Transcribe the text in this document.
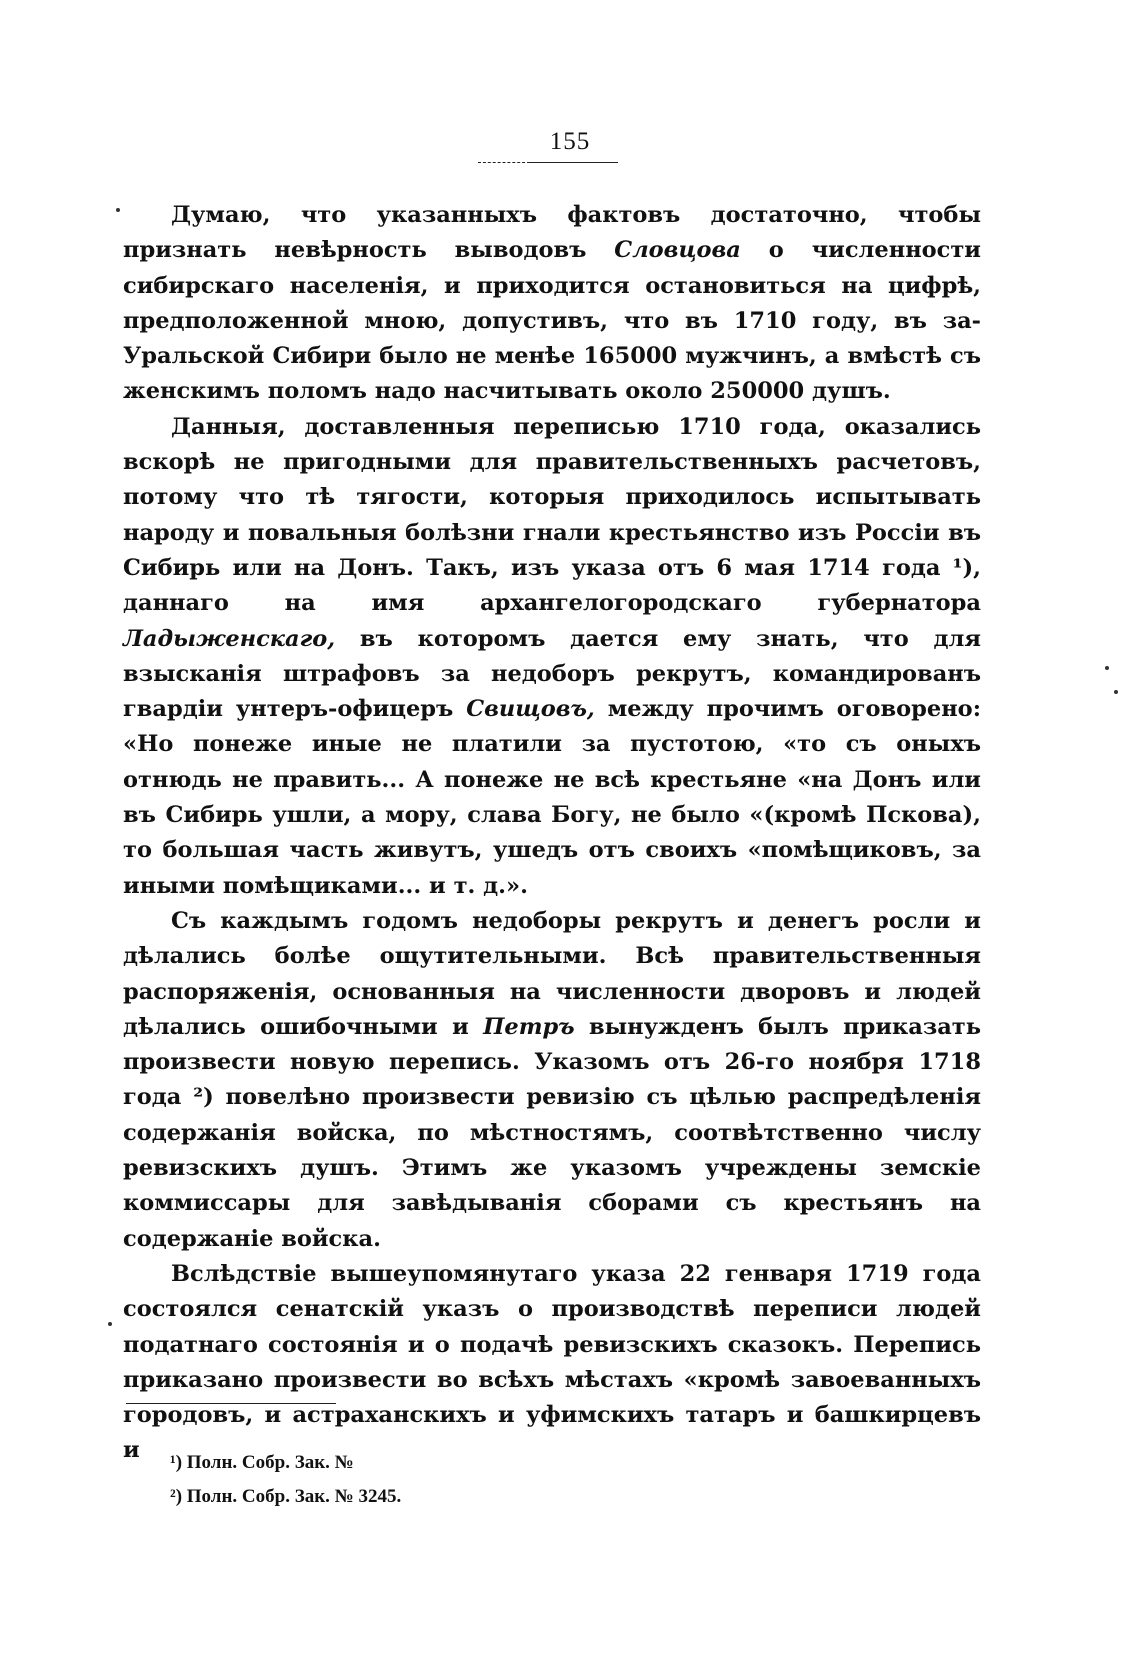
155

Думаю, что указанныхъ фактовъ достаточно, чтобы признать невѣрность выводовъ Словцова о численности сибирскаго населенія, и приходится остановиться на цифрѣ, предположенной мною, допустивъ, что въ 1710 году, въ за-Уральской Сибири было не менѣе 165000 мужчинъ, а вмѣстѣ съ женскимъ поломъ надо насчитывать около 250000 душъ.

Данныя, доставленныя переписью 1710 года, оказались вскорѣ не пригодными для правительственныхъ расчетовъ, потому что тѣ тягости, которыя приходилось испытывать народу и повальныя болѣзни гнали крестьянство изъ Россіи въ Сибирь или на Донъ. Такъ, изъ указа отъ 6 мая 1714 года ¹), даннаго на имя архангелогородскаго губернатора Ладыженскаго, въ которомъ дается ему знать, что для взысканія штрафовъ за недоборъ рекрутъ, командированъ гвардіи унтеръ-офицеръ Свищовъ, между прочимъ оговорено: «Но понеже иные не платили за пустотою, «то съ оныхъ отнюдь не править... А понеже не всѣ крестьяне «на Донъ или въ Сибирь ушли, а мору, слава Богу, не было «(кромѣ Пскова), то большая часть живутъ, ушедъ отъ своихъ «помѣщиковъ, за иными помѣщиками... и т. д.».

Съ каждымъ годомъ недоборы рекрутъ и денегъ росли и дѣлались болѣе ощутительными. Всѣ правительственныя распоряженія, основанныя на численности дворовъ и людей дѣлались ошибочными и Петръ вынужденъ былъ приказать произвести новую перепись. Указомъ отъ 26-го ноября 1718 года ²) повелѣно произвести ревизію съ цѣлью распредѣленія содержанія войска, по мѣстностямъ, соотвѣтственно числу ревизскихъ душъ. Этимъ же указомъ учреждены земскіе коммиссары для завѣдыванія сборами съ крестьянъ на содержаніе войска.

Вслѣдствіе вышеупомянутаго указа 22 генваря 1719 года состоялся сенатскій указъ о производствѣ переписи людей податнаго состоянія и о подачѣ ревизскихъ сказокъ. Перепись приказано произвести во всѣхъ мѣстахъ «кромѣ завоеванныхъ городовъ, и астраханскихъ и уфимскихъ татаръ и башкирцевъ и	¹) Полн. Собр. Зак. №

²) Полн. Собр. Зак. № 3245.
